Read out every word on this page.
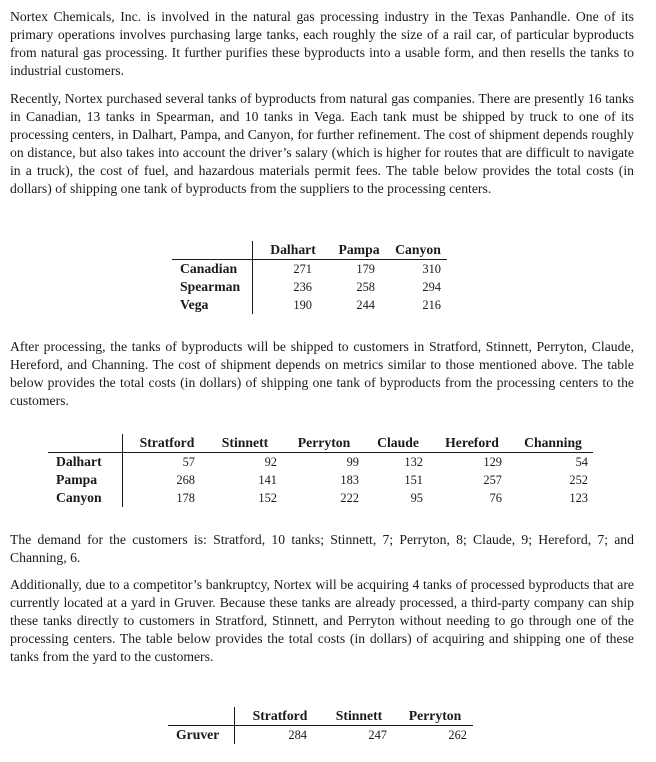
Nortex Chemicals, Inc. is involved in the natural gas processing industry in the Texas Panhandle. One of its primary operations involves purchasing large tanks, each roughly the size of a rail car, of particular byproducts from natural gas processing. It further purifies these byproducts into a usable form, and then resells the tanks to industrial customers.

Recently, Nortex purchased several tanks of byproducts from natural gas companies. There are presently 16 tanks in Canadian, 13 tanks in Spearman, and 10 tanks in Vega. Each tank must be shipped by truck to one of its processing centers, in Dalhart, Pampa, and Canyon, for further refinement. The cost of shipment depends roughly on distance, but also takes into account the driver’s salary (which is higher for routes that are difficult to navigate in a truck), the cost of fuel, and hazardous materials permit fees. The table below provides the total costs (in dollars) of shipping one tank of byproducts from the suppliers to the processing centers.

	Dalhart	Pampa	Canyon
Canadian	271	179	310
Spearman	236	258	294
Vega	190	244	216

After processing, the tanks of byproducts will be shipped to customers in Stratford, Stinnett, Perryton, Claude, Hereford, and Channing. The cost of shipment depends on metrics similar to those mentioned above. The table below provides the total costs (in dollars) of shipping one tank of byproducts from the processing centers to the customers.

	Stratford	Stinnett	Perryton	Claude	Hereford	Channing
Dalhart	57	92	99	132	129	54
Pampa	268	141	183	151	257	252
Canyon	178	152	222	95	76	123

The demand for the customers is: Stratford, 10 tanks; Stinnett, 7; Perryton, 8; Claude, 9; Hereford, 7; and Channing, 6.

Additionally, due to a competitor’s bankruptcy, Nortex will be acquiring 4 tanks of processed byproducts that are currently located at a yard in Gruver. Because these tanks are already processed, a third-party company can ship these tanks directly to customers in Stratford, Stinnett, and Perryton without needing to go through one of the processing centers. The table below provides the total costs (in dollars) of acquiring and shipping one of these tanks from the yard to the customers.

	Stratford	Stinnett	Perryton
Gruver	284	247	262
